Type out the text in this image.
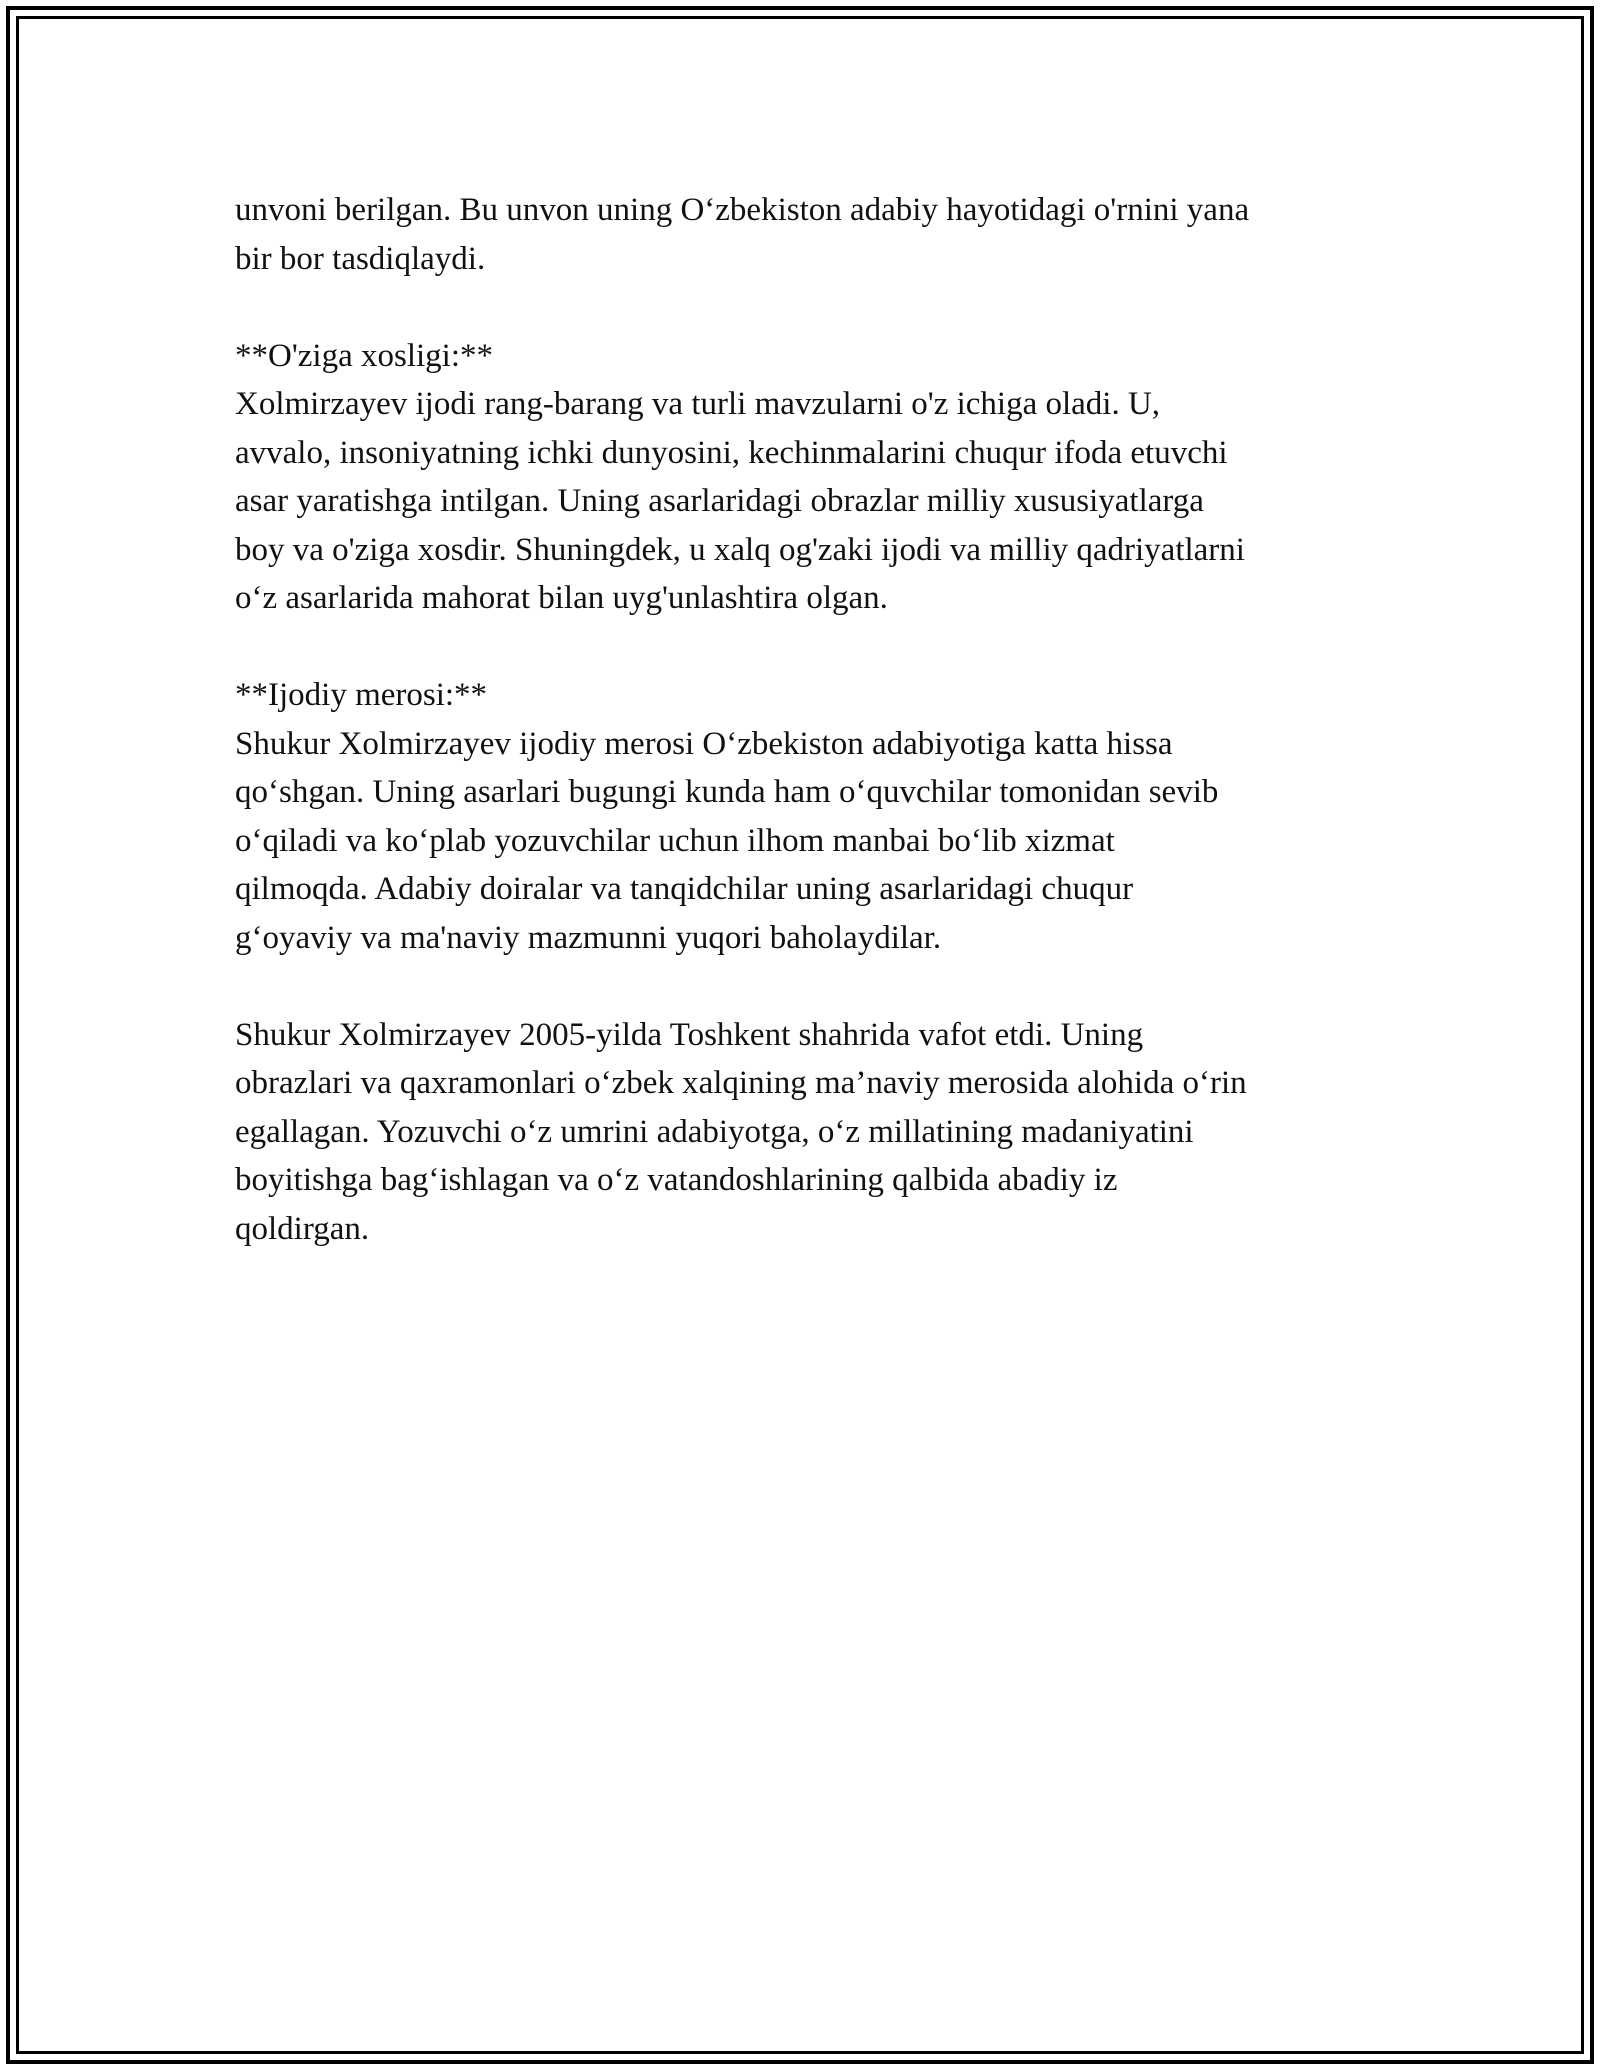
unvoni berilgan. Bu unvon uning O‘zbekiston adabiy hayotidagi o'rnini yana
bir bor tasdiqlaydi.

**O'ziga xosligi:**
Xolmirzayev ijodi rang-barang va turli mavzularni o'z ichiga oladi. U,
avvalo, insoniyatning ichki dunyosini, kechinmalarini chuqur ifoda etuvchi
asar yaratishga intilgan. Uning asarlaridagi obrazlar milliy xususiyatlarga
boy va o'ziga xosdir. Shuningdek, u xalq og'zaki ijodi va milliy qadriyatlarni
o‘z asarlarida mahorat bilan uyg'unlashtira olgan.

**Ijodiy merosi:**
Shukur Xolmirzayev ijodiy merosi O‘zbekiston adabiyotiga katta hissa
qo‘shgan. Uning asarlari bugungi kunda ham o‘quvchilar tomonidan sevib
o‘qiladi va ko‘plab yozuvchilar uchun ilhom manbai bo‘lib xizmat
qilmoqda. Adabiy doiralar va tanqidchilar uning asarlaridagi chuqur
g‘oyaviy va ma'naviy mazmunni yuqori baholaydilar.

Shukur Xolmirzayev 2005-yilda Toshkent shahrida vafot etdi. Uning
obrazlari va qaxramonlari o‘zbek xalqining ma’naviy merosida alohida o‘rin
egallagan. Yozuvchi o‘z umrini adabiyotga, o‘z millatining madaniyatini
boyitishga bag‘ishlagan va o‘z vatandoshlarining qalbida abadiy iz
qoldirgan.
